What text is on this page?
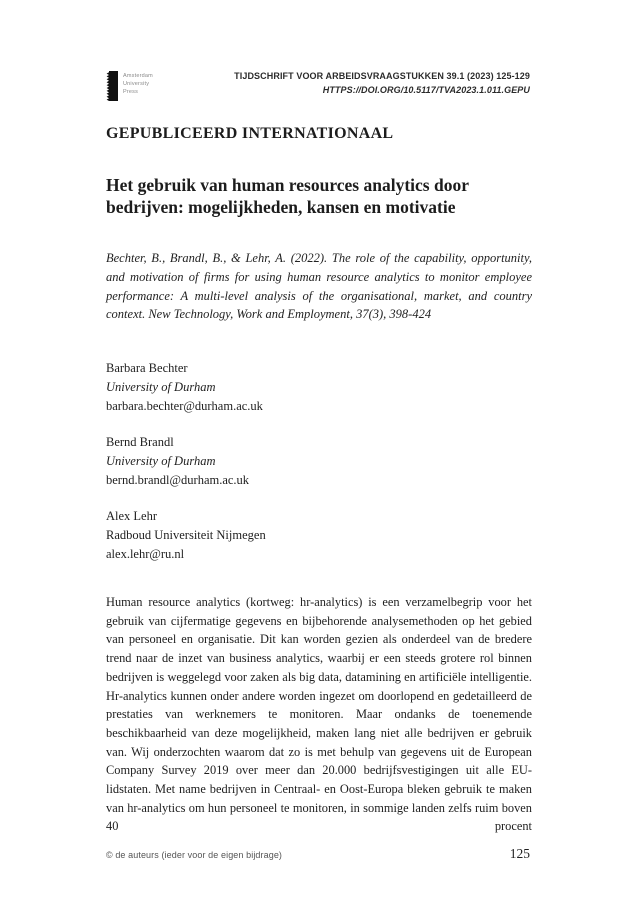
Amsterdam
University
Press
TIJDSCHRIFT VOOR ARBEIDSVRAAGSTUKKEN 39.1 (2023) 125-129
HTTPS://DOI.ORG/10.5117/TVA2023.1.011.GEPU
GEPUBLICEERD INTERNATIONAAL
Het gebruik van human resources analytics door bedrijven: mogelijkheden, kansen en motivatie

Bechter, B., Brandl, B., & Lehr, A. (2022). The role of the capability, opportunity, and motivation of firms for using human resource analytics to monitor employee performance: A multi-level analysis of the organisational, market, and country context. New Technology, Work and Employment, 37(3), 398-424

Barbara Bechter
University of Durham
barbara.bechter@durham.ac.uk
Bernd Brandl
University of Durham
bernd.brandl@durham.ac.uk
Alex Lehr
Radboud Universiteit Nijmegen
alex.lehr@ru.nl

Human resource analytics (kortweg: hr-analytics) is een verzamelbegrip voor het gebruik van cijfermatige gegevens en bijbehorende analysemethoden op het gebied van personeel en organisatie. Dit kan worden gezien als onderdeel van de bredere trend naar de inzet van business analytics, waarbij er een steeds grotere rol binnen bedrijven is weggelegd voor zaken als big data, datamining en artificiële intelligentie. Hr-analytics kunnen onder andere worden ingezet om doorlopend en gedetailleerd de prestaties van werknemers te monitoren. Maar ondanks de toenemende beschikbaarheid van deze mogelijkheid, maken lang niet alle bedrijven er gebruik van. Wij onderzochten waarom dat zo is met behulp van gegevens uit de European Company Survey 2019 over meer dan 20.000 bedrijfsvestigingen uit alle EU-lidstaten. Met name bedrijven in Centraal- en Oost-Europa bleken gebruik te maken van hr-analytics om hun personeel te monitoren, in sommige landen zelfs ruim boven 40 procent

© de auteurs (ieder voor de eigen bijdrage)	125
